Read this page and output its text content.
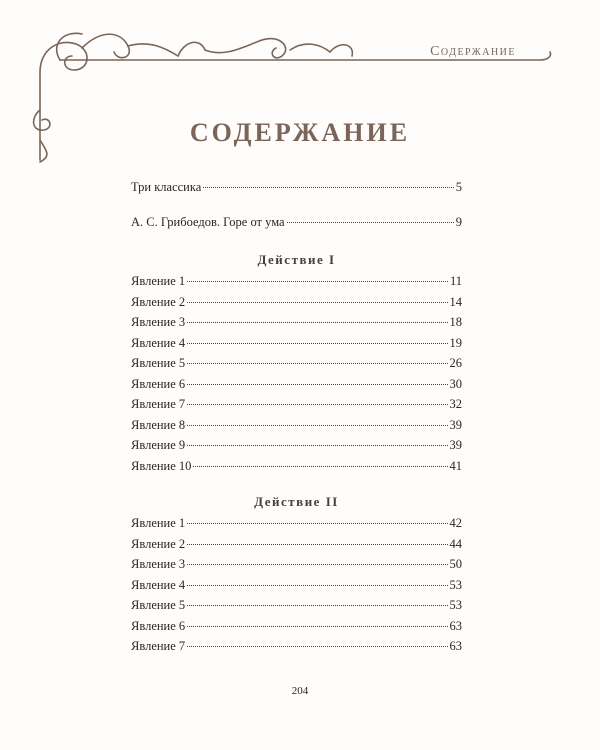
Содержание
СОДЕРЖАНИЕ
Три классика	5
А. С. Грибоедов. Горе от ума	9
Действие I
Явление 1	11
Явление 2	14
Явление 3	18
Явление 4	19
Явление 5	26
Явление 6	30
Явление 7	32
Явление 8	39
Явление 9	39
Явление 10	41
Действие II
Явление 1	42
Явление 2	44
Явление 3	50
Явление 4	53
Явление 5	53
Явление 6	63
Явление 7	63
204
